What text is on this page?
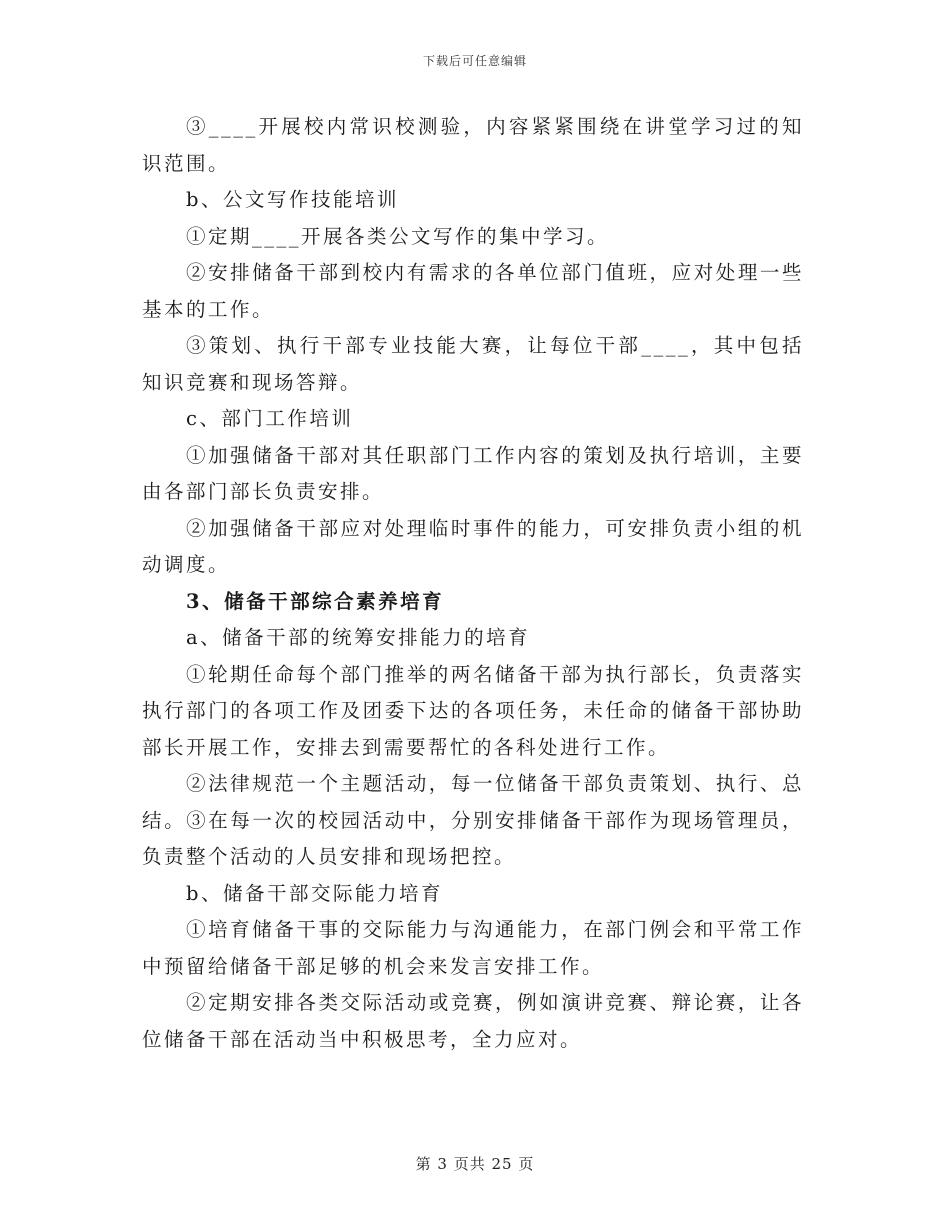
下载后可任意编辑

③____开展校内常识校测验，内容紧紧围绕在讲堂学习过的知识范围。

b、公文写作技能培训

①定期____开展各类公文写作的集中学习。

②安排储备干部到校内有需求的各单位部门值班，应对处理一些基本的工作。

③策划、执行干部专业技能大赛，让每位干部____，其中包括知识竞赛和现场答辩。

c、部门工作培训

①加强储备干部对其任职部门工作内容的策划及执行培训，主要由各部门部长负责安排。

②加强储备干部应对处理临时事件的能力，可安排负责小组的机动调度。

3、储备干部综合素养培育

a、储备干部的统筹安排能力的培育

①轮期任命每个部门推举的两名储备干部为执行部长，负责落实执行部门的各项工作及团委下达的各项任务，未任命的储备干部协助部长开展工作，安排去到需要帮忙的各科处进行工作。

②法律规范一个主题活动，每一位储备干部负责策划、执行、总结。③在每一次的校园活动中，分别安排储备干部作为现场管理员，负责整个活动的人员安排和现场把控。

b、储备干部交际能力培育

①培育储备干事的交际能力与沟通能力，在部门例会和平常工作中预留给储备干部足够的机会来发言安排工作。

②定期安排各类交际活动或竞赛，例如演讲竞赛、辩论赛，让各位储备干部在活动当中积极思考，全力应对。

第 3 页共 25 页
